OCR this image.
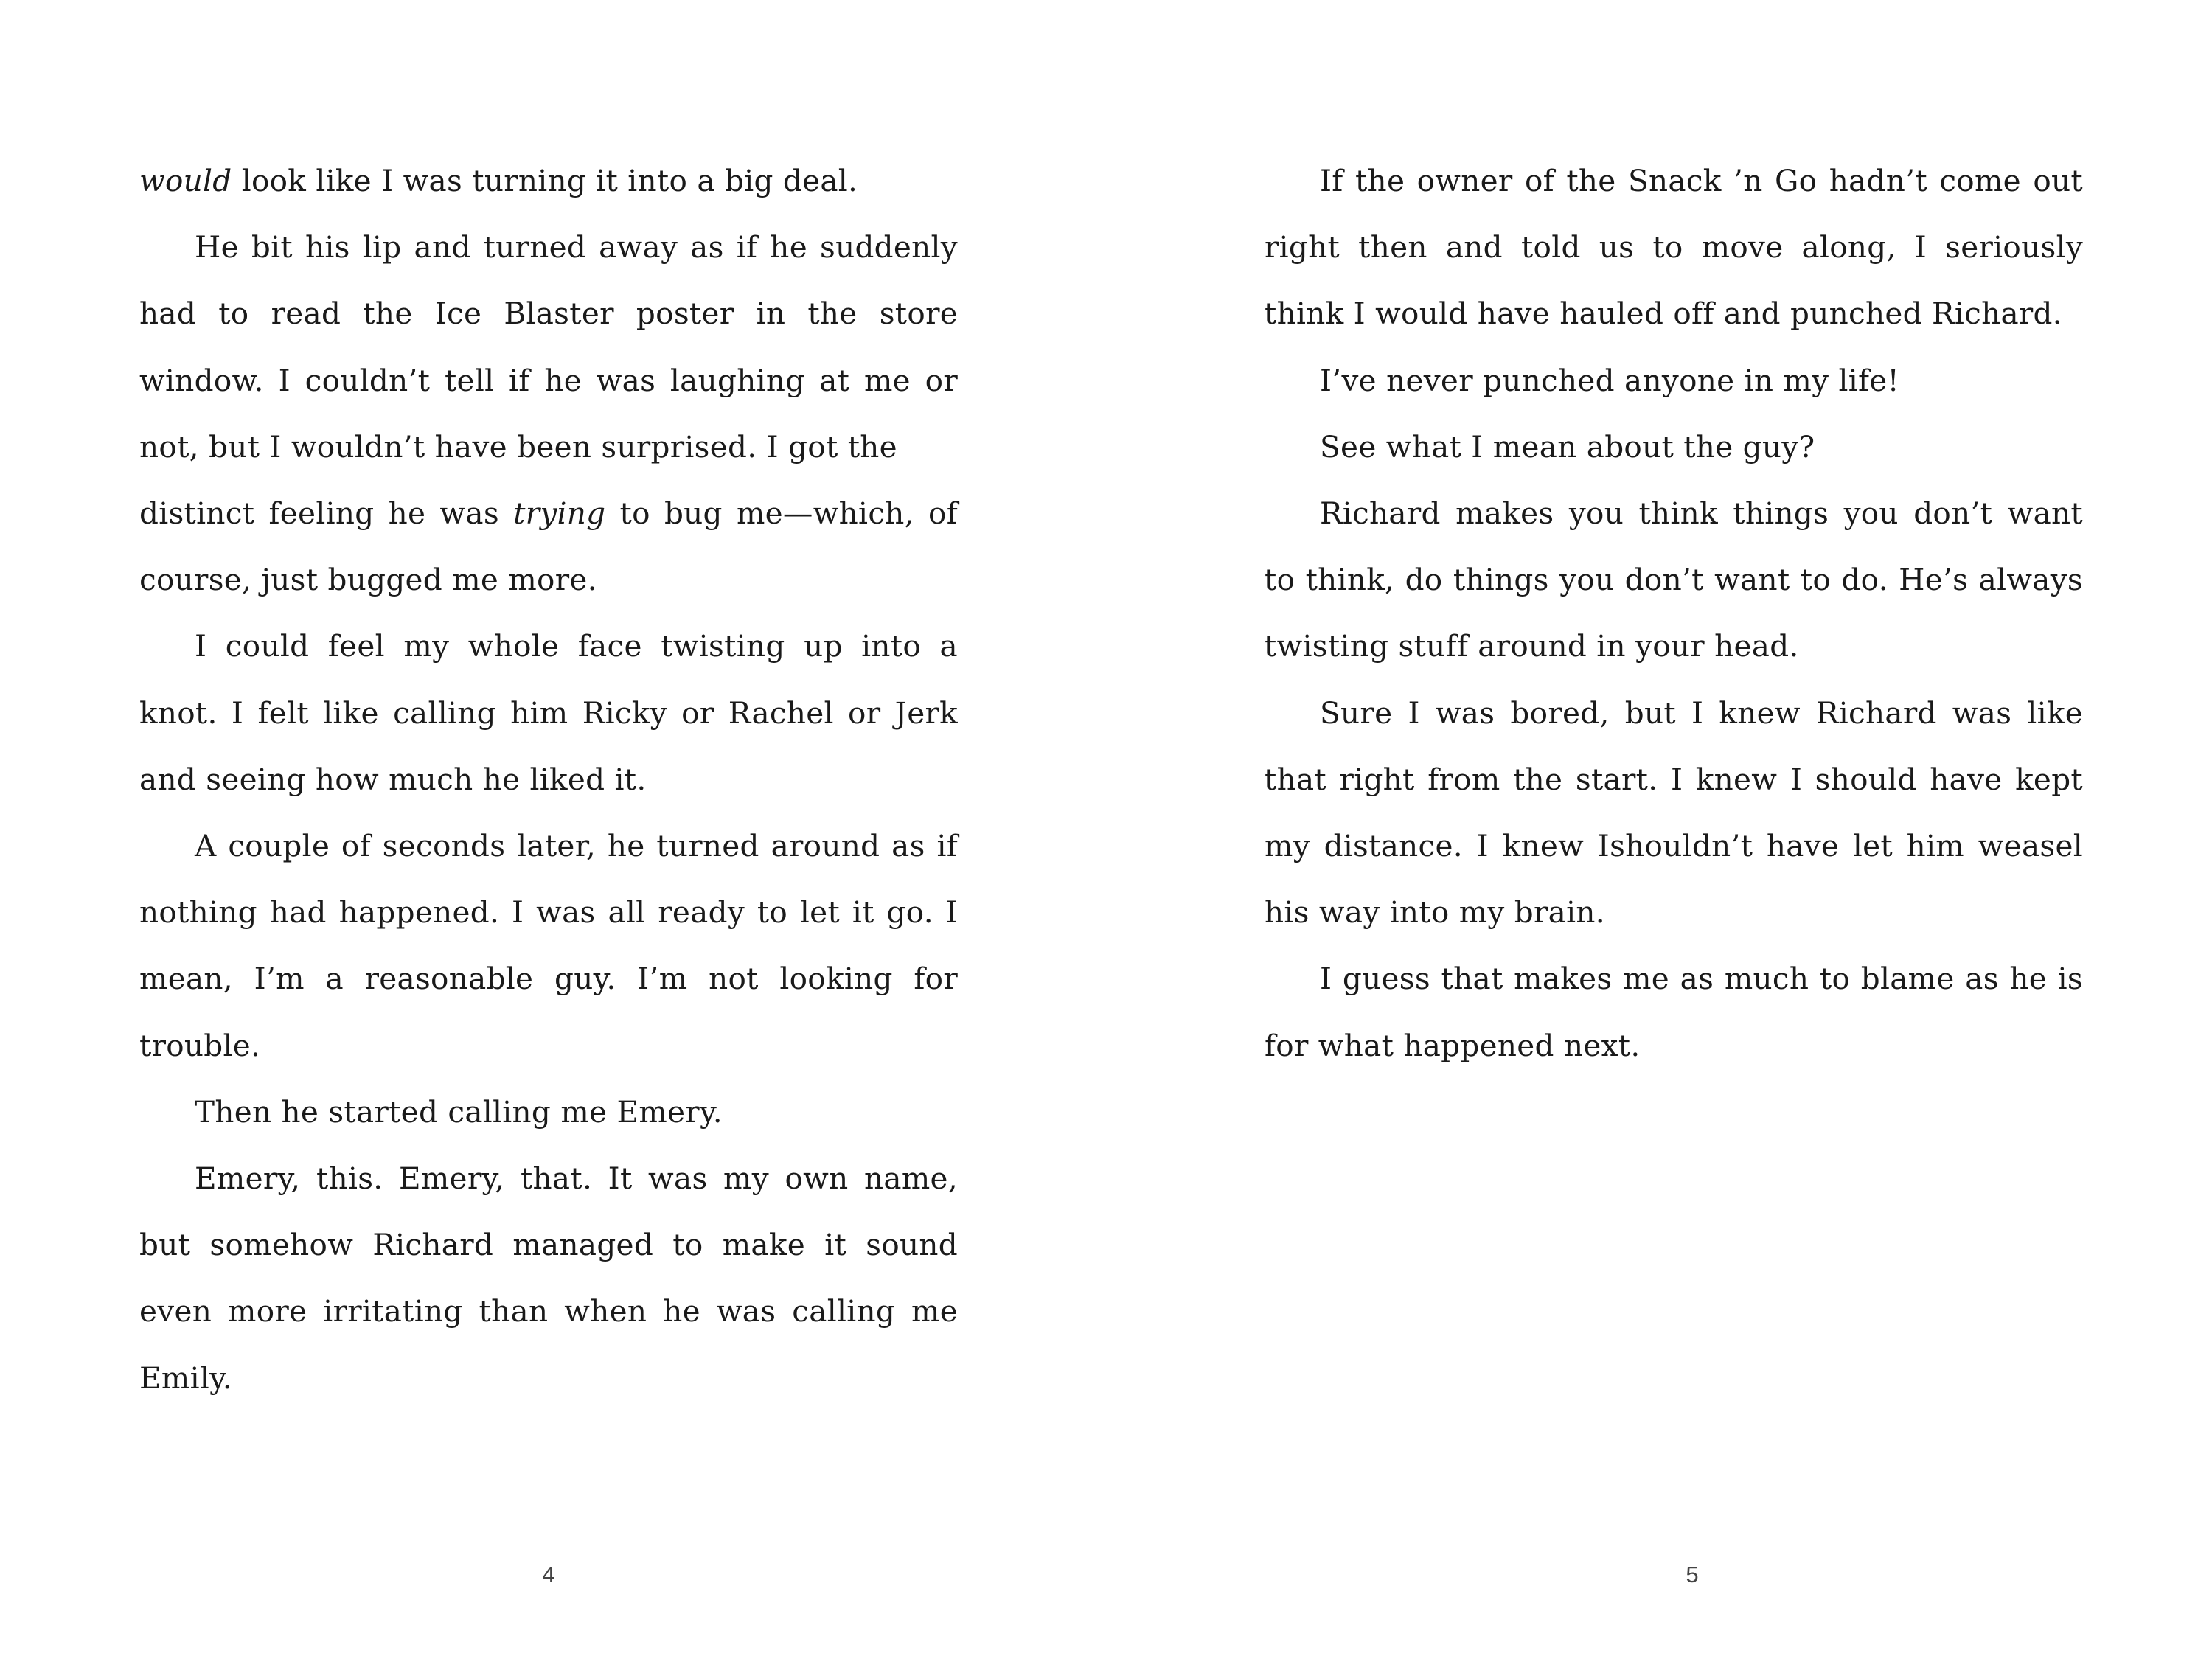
would look like I was turning it into a big deal.

He bit his lip and turned away as if he suddenly had to read the Ice Blaster poster in the store window. I couldn’t tell if he was laughing at me or not, but I wouldn’t have been surprised. I got the

distinct feeling he was trying to bug me—which, of course, just bugged me more.

I could feel my whole face twisting up into a knot. I felt like calling him Ricky or Rachel or Jerk and seeing how much he liked it.

A couple of seconds later, he turned around as if nothing had happened. I was all ready to let it go. I mean, I’m a reasonable guy. I’m not looking for trouble.

Then he started calling me Emery.

Emery, this. Emery, that. It was my own name, but somehow Richard managed to make it sound even more irritating than when he was calling me Emily.

4

If the owner of the Snack ’n Go hadn’t come out right then and told us to move along, I seriously think I would have hauled off and punched Richard.

I’ve never punched anyone in my life!

See what I mean about the guy?

Richard makes you think things you don’t want to think, do things you don’t want to do. He’s always twisting stuff around in your head.

Sure I was bored, but I knew Richard was like that right from the start. I knew I should have kept my distance. I knew Ishouldn’t have let him weasel his way into my brain.

I guess that makes me as much to blame as he is for what happened next.

5
